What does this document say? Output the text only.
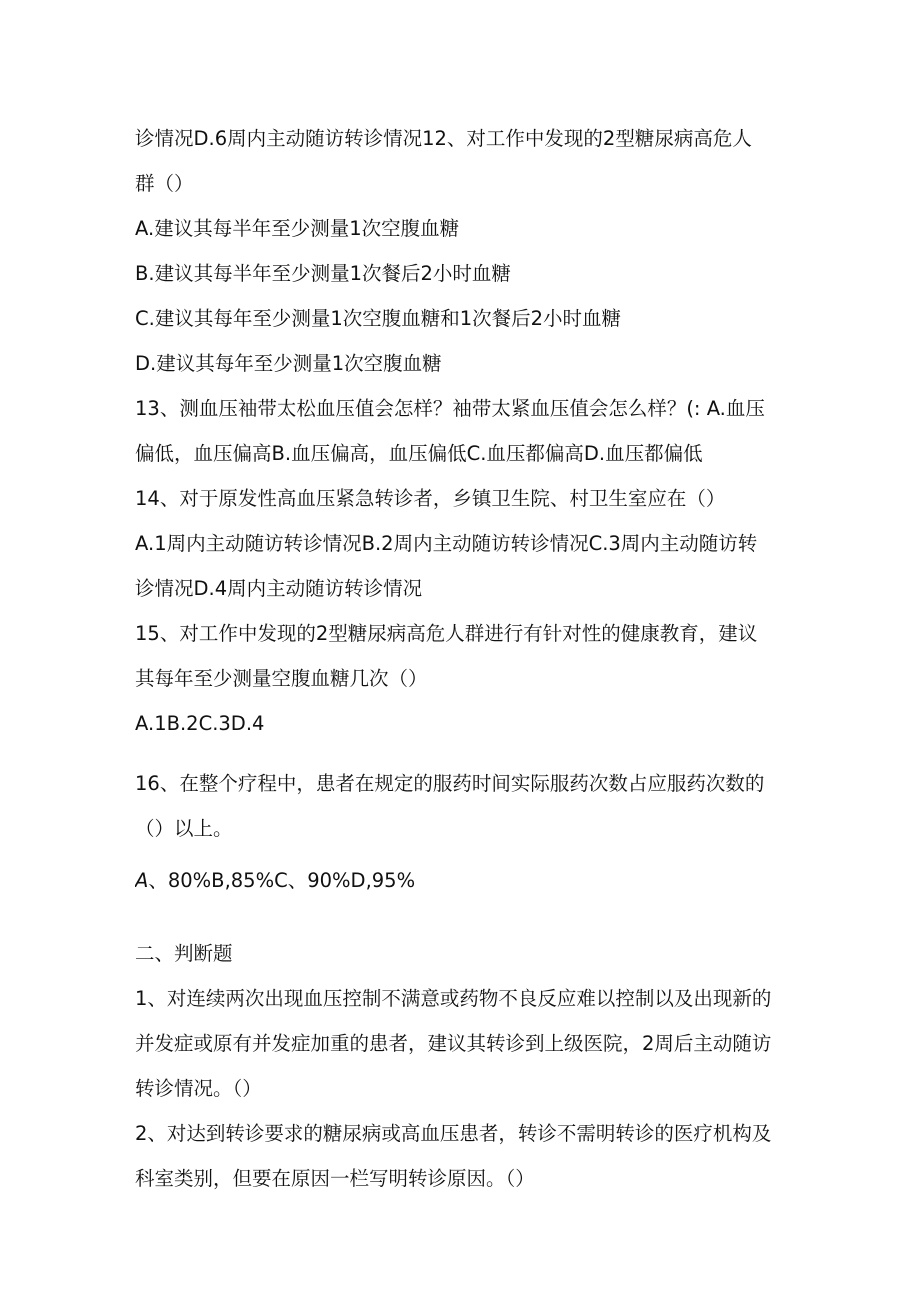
诊情况D.6周内主动随访转诊情况12、对工作中发现的2型糖尿病高危人
群（）
A.建议其每半年至少测量1次空腹血糖
B.建议其每半年至少测量1次餐后2小时血糖
C.建议其每年至少测量1次空腹血糖和1次餐后2小时血糖
D.建议其每年至少测量1次空腹血糖
13、测血压袖带太松血压值会怎样？袖带太紧血压值会怎么样？(: A.血压
偏低，血压偏高B.血压偏高，血压偏低C.血压都偏高D.血压都偏低
14、对于原发性高血压紧急转诊者，乡镇卫生院、村卫生室应在（）
A.1周内主动随访转诊情况B.2周内主动随访转诊情况C.3周内主动随访转
诊情况D.4周内主动随访转诊情况
15、对工作中发现的2型糖尿病高危人群进行有针对性的健康教育，建议
其每年至少测量空腹血糖几次（）
A.1B.2C.3D.4
16、在整个疗程中，患者在规定的服药时间实际服药次数占应服药次数的
（）以上。
A、80%B,85%C、90%D,95%
二、判断题
1、对连续两次出现血压控制不满意或药物不良反应难以控制以及出现新的
并发症或原有并发症加重的患者，建议其转诊到上级医院，2周后主动随访
转诊情况。（）
2、对达到转诊要求的糖尿病或高血压患者，转诊不需明转诊的医疗机构及
科室类别，但要在原因一栏写明转诊原因。（）
